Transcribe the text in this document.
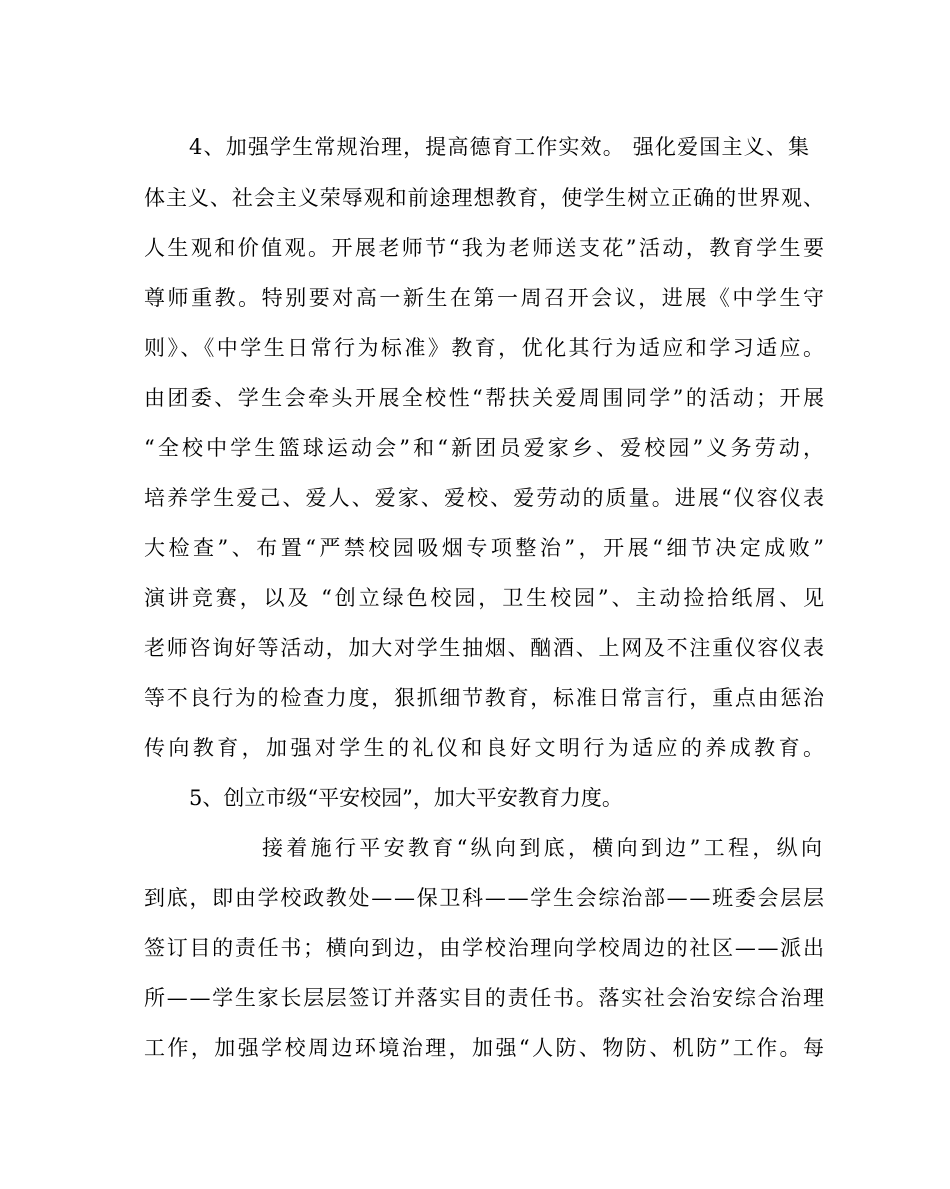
4、加强学生常规治理，提高德育工作实效。 强化爱国主义、集

体主义、社会主义荣辱观和前途理想教育，使学生树立正确的世界观、

人生观和价值观。开展老师节“我为老师送支花”活动，教育学生要

尊师重教。特别要对高一新生在第一周召开会议，进展《中学生守

则》、《中学生日常行为标准》教育，优化其行为适应和学习适应。

由团委、学生会牵头开展全校性“帮扶关爱周围同学”的活动；开展

“全校中学生篮球运动会”和“新团员爱家乡、爱校园”义务劳动，

培养学生爱己、爱人、爱家、爱校、爱劳动的质量。进展“仪容仪表

大检查”、布置“严禁校园吸烟专项整治”，开展“细节决定成败”

演讲竞赛，以及 “创立绿色校园，卫生校园”、主动捡拾纸屑、见

老师咨询好等活动，加大对学生抽烟、酗酒、上网及不注重仪容仪表

等不良行为的检查力度，狠抓细节教育，标准日常言行，重点由惩治

传向教育，加强对学生的礼仪和良好文明行为适应的养成教育。

5、创立市级“平安校园”，加大平安教育力度。

接着施行平安教育“纵向到底，横向到边”工程，纵向

到底，即由学校政教处——保卫科——学生会综治部——班委会层层

签订目的责任书；横向到边，由学校治理向学校周边的社区——派出

所——学生家长层层签订并落实目的责任书。落实社会治安综合治理

工作，加强学校周边环境治理，加强“人防、物防、机防”工作。每
